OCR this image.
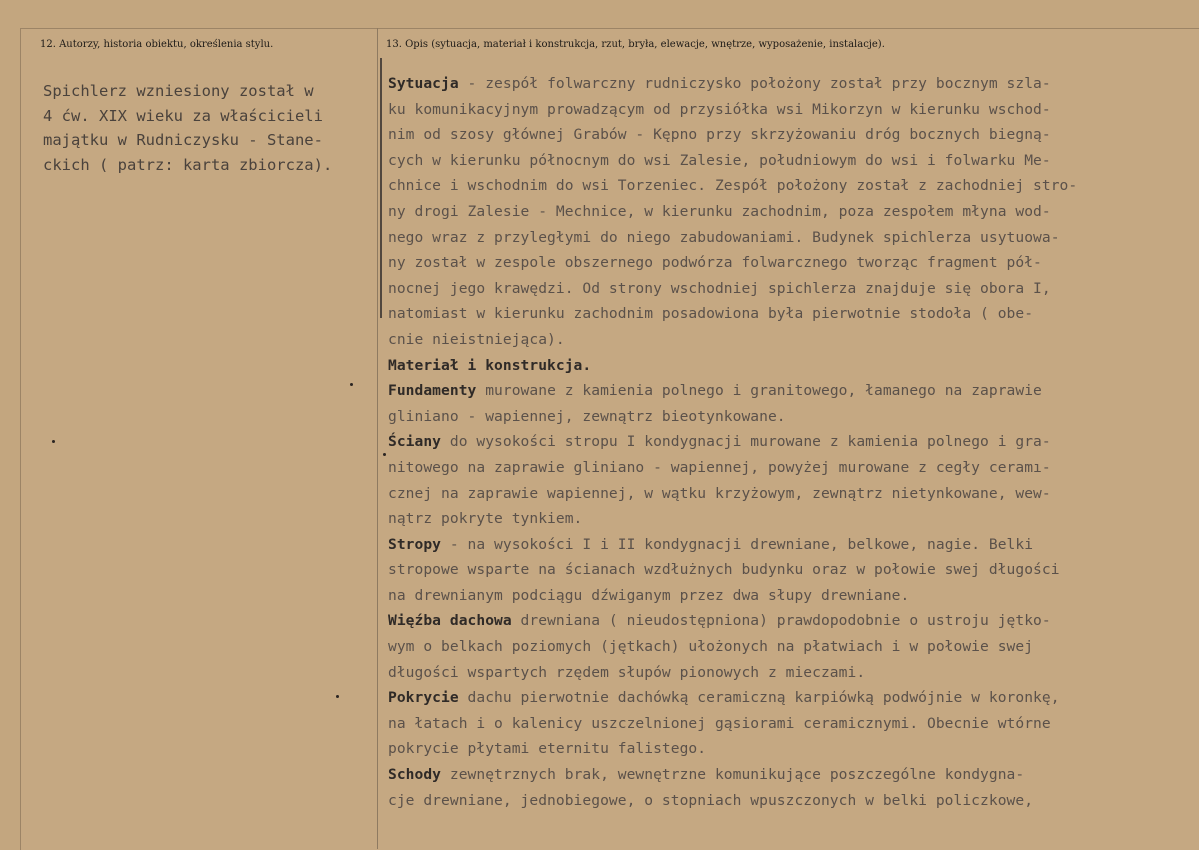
12. Autorzy, historia obiektu, określenia stylu.	13. Opis (sytuacja, materiał i konstrukcja, rzut, bryła, elewacje, wnętrze, wyposażenie, instalacje).
Spichlerz wzniesiony został w
4 ćw. XIX wieku za właścicieli
majątku w Rudniczysku - Stane-
ckich ( patrz: karta zbiorcza).
Sytuacja - zespół folwarczny rudniczysko położony został przy bocznym szla-
ku komunikacyjnym prowadzącym od przysiółka wsi Mikorzyn w kierunku wschod-
nim od szosy głównej Grabów - Kępno przy skrzyżowaniu dróg bocznych biegną-
cych w kierunku północnym do wsi Zalesie, południowym do wsi i folwarku Me-
chnice i wschodnim do wsi Torzeniec. Zespół położony został z zachodniej stro-
ny drogi Zalesie - Mechnice, w kierunku zachodnim, poza zespołem młyna wod-
nego wraz z przyległymi do niego zabudowaniami. Budynek spichlerza usytuowa-
ny został w zespole obszernego podwórza folwarcznego tworząc fragment pół-
nocnej jego krawędzi. Od strony wschodniej spichlerza znajduje się obora I,
natomiast w kierunku zachodnim posadowiona była pierwotnie stodoła ( obe-
cnie nieistniejąca).
Materiał i konstrukcja.
Fundamenty murowane z kamienia polnego i granitowego, łamanego na zaprawie
gliniano - wapiennej, zewnątrz bieotynkowane.
Ściany do wysokości stropu I kondygnacji murowane z kamienia polnego i gra-
nitowego na zaprawie gliniano - wapiennej, powyżej murowane z cegły ceramı-
cznej na zaprawie wapiennej, w wątku krzyżowym, zewnątrz nietynkowane, wew-
nątrz pokryte tynkiem.
Stropy - na wysokości I i II kondygnacji drewniane, belkowe, nagie. Belki
stropowe wsparte na ścianach wzdłużnych budynku oraz w połowie swej długości
na drewnianym podciągu dźwiganym przez dwa słupy drewniane.
Więźba dachowa drewniana ( nieudostępniona) prawdopodobnie o ustroju jętko-
wym o belkach poziomych (jętkach) ułożonych na płatwiach i w połowie swej
długości wspartych rzędem słupów pionowych z mieczami.
Pokrycie dachu pierwotnie dachówką ceramiczną karpiówką podwójnie w koronkę,
na łatach i o kalenicy uszczelnionej gąsiorami ceramicznymi. Obecnie wtórne
pokrycie płytami eternitu falistego.
Schody zewnętrznych brak, wewnętrzne komunikujące poszczególne kondygna-
cje drewniane, jednobiegowe, o stopniach wpuszczonych w belki policzkowe,
